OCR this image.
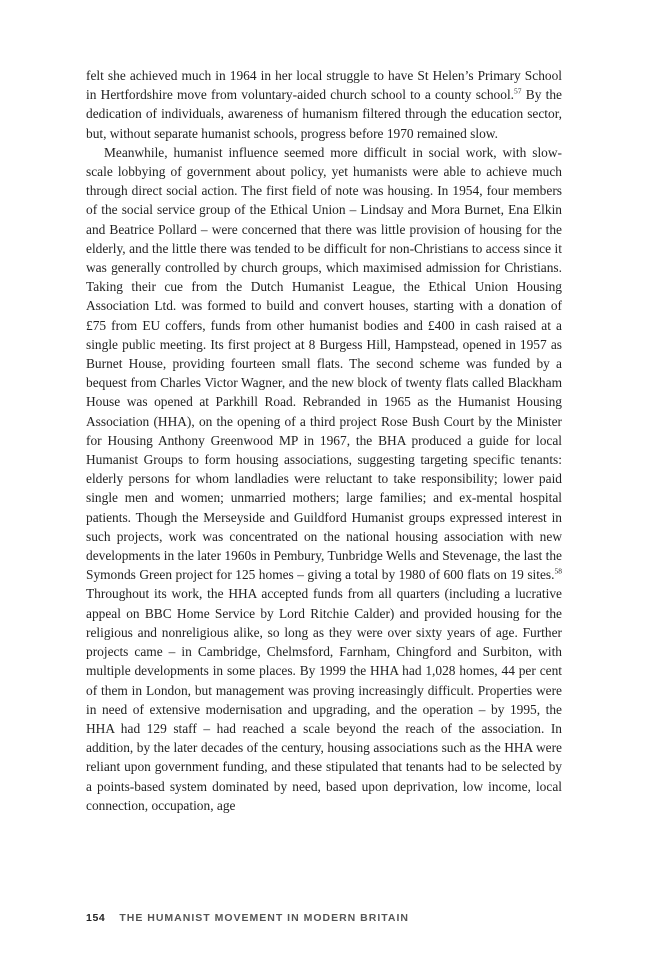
felt she achieved much in 1964 in her local struggle to have St Helen’s Primary School in Hertfordshire move from voluntary-aided church school to a county school.$^{57}$ By the dedication of individuals, awareness of humanism filtered through the education sector, but, without separate humanist schools, progress before 1970 remained slow.

Meanwhile, humanist influence seemed more difficult in social work, with slow-scale lobbying of government about policy, yet humanists were able to achieve much through direct social action. The first field of note was housing. In 1954, four members of the social service group of the Ethical Union – Lindsay and Mora Burnet, Ena Elkin and Beatrice Pollard – were concerned that there was little provision of housing for the elderly, and the little there was tended to be difficult for non-Christians to access since it was generally controlled by church groups, which maximised admission for Christians. Taking their cue from the Dutch Humanist League, the Ethical Union Housing Association Ltd. was formed to build and convert houses, starting with a donation of £75 from EU coffers, funds from other humanist bodies and £400 in cash raised at a single public meeting. Its first project at 8 Burgess Hill, Hampstead, opened in 1957 as Burnet House, providing fourteen small flats. The second scheme was funded by a bequest from Charles Victor Wagner, and the new block of twenty flats called Blackham House was opened at Parkhill Road. Rebranded in 1965 as the Humanist Housing Association (HHA), on the opening of a third project Rose Bush Court by the Minister for Housing Anthony Greenwood MP in 1967, the BHA produced a guide for local Humanist Groups to form housing associations, suggesting targeting specific tenants: elderly persons for whom landladies were reluctant to take responsibility; lower paid single men and women; unmarried mothers; large families; and ex-mental hospital patients. Though the Merseyside and Guildford Humanist groups expressed interest in such projects, work was concentrated on the national housing association with new developments in the later 1960s in Pembury, Tunbridge Wells and Stevenage, the last the Symonds Green project for 125 homes – giving a total by 1980 of 600 flats on 19 sites.$^{58}$ Throughout its work, the HHA accepted funds from all quarters (including a lucrative appeal on BBC Home Service by Lord Ritchie Calder) and provided housing for the religious and nonreligious alike, so long as they were over sixty years of age. Further projects came – in Cambridge, Chelmsford, Farnham, Chingford and Surbiton, with multiple developments in some places. By 1999 the HHA had 1,028 homes, 44 per cent of them in London, but management was proving increasingly difficult. Properties were in need of extensive modernisation and upgrading, and the operation – by 1995, the HHA had 129 staff – had reached a scale beyond the reach of the association. In addition, by the later decades of the century, housing associations such as the HHA were reliant upon government funding, and these stipulated that tenants had to be selected by a points-based system dominated by need, based upon deprivation, low income, local connection, occupation, age

154 THE HUMANIST MOVEMENT IN MODERN BRITAIN
